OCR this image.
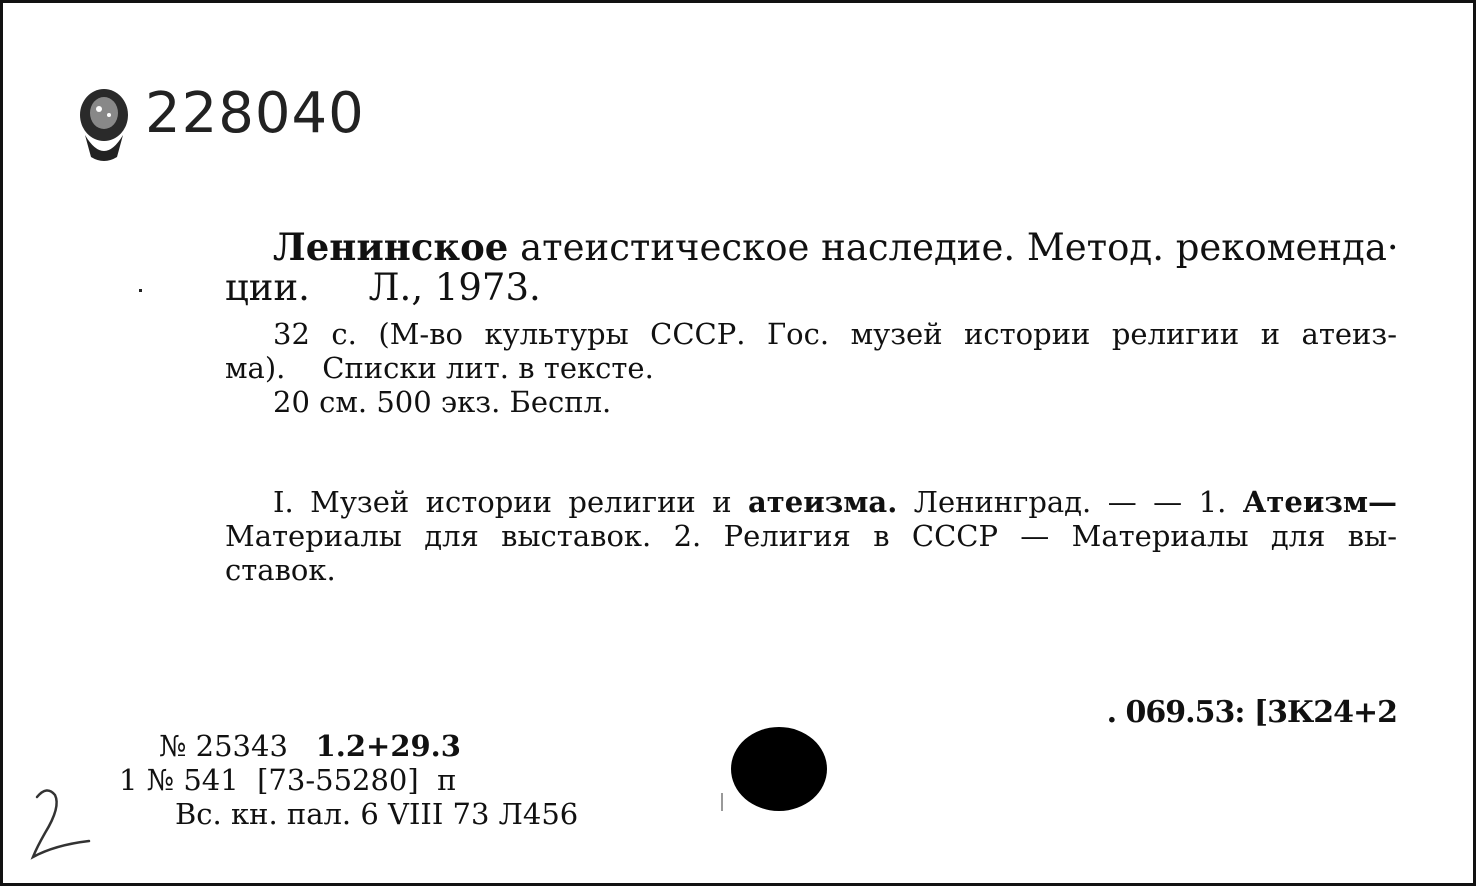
228040
Ленинское атеистическое наследие. Метод. рекоменда·
ции.     Л., 1973.
32 с. (М-во культуры СССР. Гос. музей истории религии и атеиз-
ма).    Списки лит. в тексте.
20 см. 500 экз. Беспл.
I. Музей истории религии и атеизма. Ленинград. — — 1. Атеизм—
Материалы для выставок. 2. Религия в СССР — Материалы для вы-
ставок.
. 069.53: [3К24+2
№ 25343 1.2+29.3
1 № 541  [73-55280]  п
Вс. кн. пал. 6 VIII 73 Л456
